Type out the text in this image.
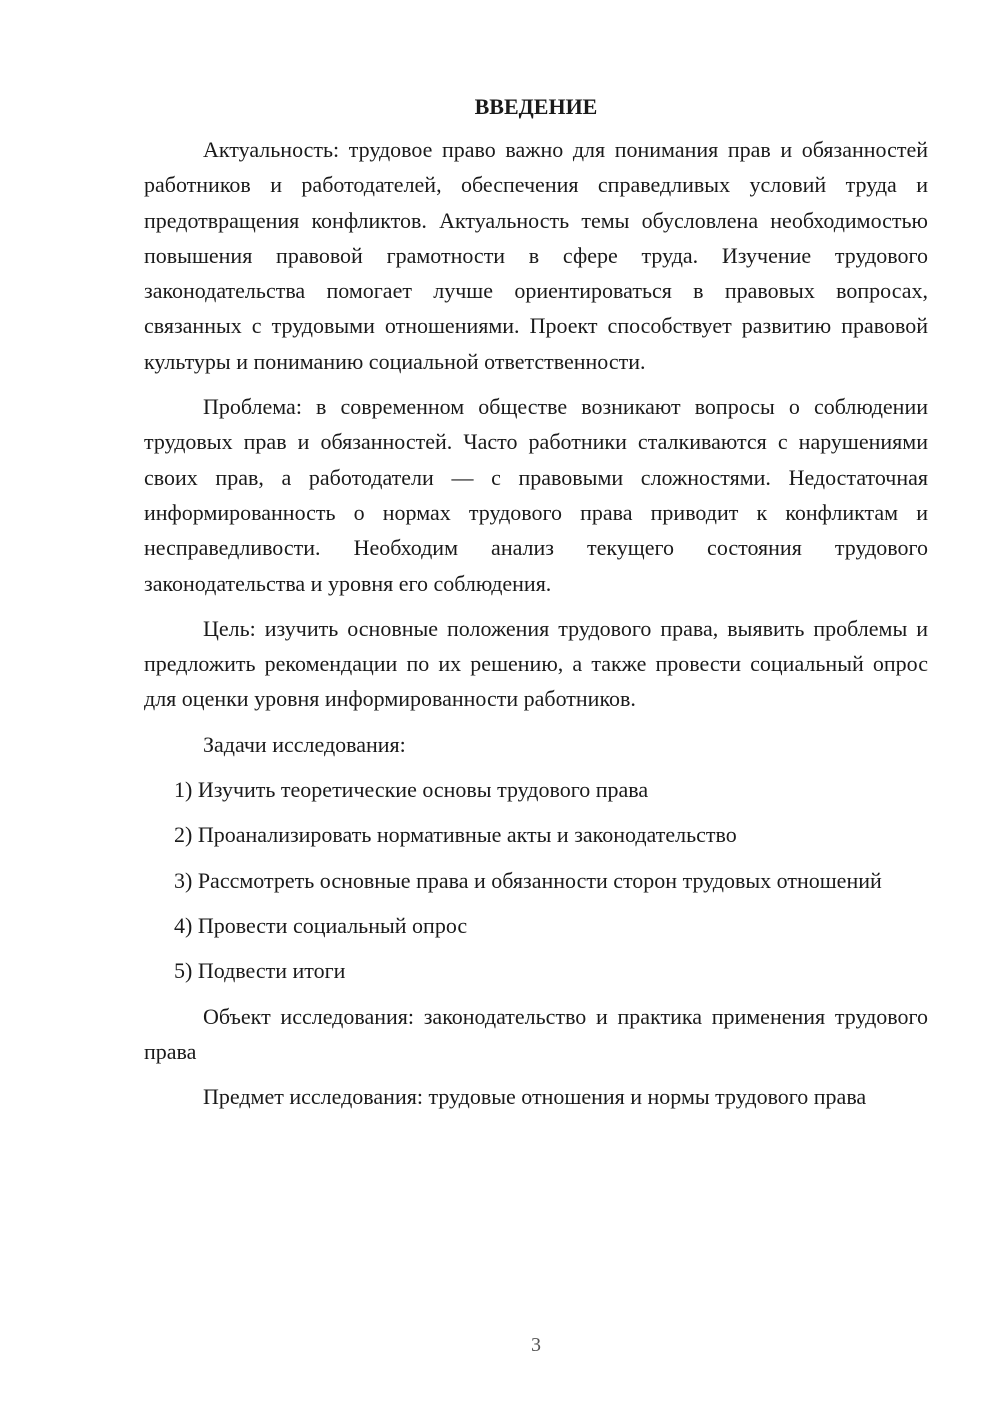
ВВЕДЕНИЕ

Актуальность: трудовое право важно для понимания прав и обязанностей работников и работодателей, обеспечения справедливых условий труда и предотвращения конфликтов. Актуальность темы обусловлена необходимостью повышения правовой грамотности в сфере труда. Изучение трудового законодательства помогает лучше ориентироваться в правовых вопросах, связанных с трудовыми отношениями. Проект способствует развитию правовой культуры и пониманию социальной ответственности.

Проблема: в современном обществе возникают вопросы о соблюдении трудовых прав и обязанностей. Часто работники сталкиваются с нарушениями своих прав, а работодатели — с правовыми сложностями. Недостаточная информированность о нормах трудового права приводит к конфликтам и несправедливости. Необходим анализ текущего состояния трудового законодательства и уровня его соблюдения.

Цель: изучить основные положения трудового права, выявить проблемы и предложить рекомендации по их решению, а также провести социальный опрос для оценки уровня информированности работников.

Задачи исследования:

1) Изучить теоретические основы трудового права

2) Проанализировать нормативные акты и законодательство

3) Рассмотреть основные права и обязанности сторон трудовых отношений

4) Провести социальный опрос

5) Подвести итоги

Объект исследования: законодательство и практика применения трудового права

Предмет исследования: трудовые отношения и нормы трудового права

3
